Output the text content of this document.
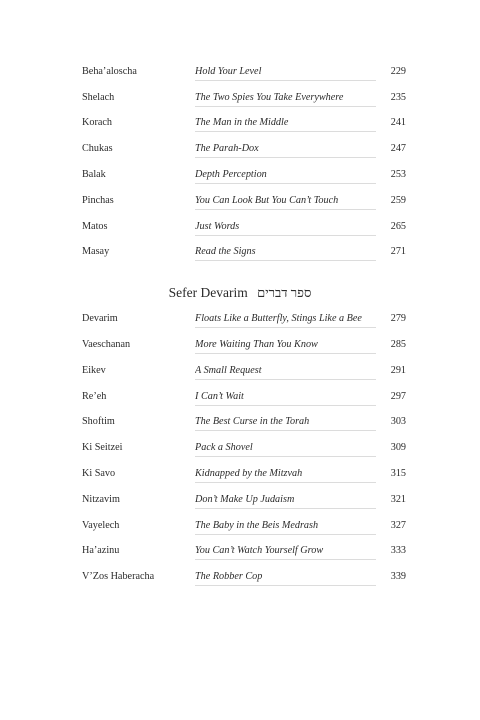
Beha’aloscha	Hold Your Level	229
Shelach	The Two Spies You Take Everywhere	235
Korach	The Man in the Middle	241
Chukas	The Parah-Dox	247
Balak	Depth Perception	253
Pinchas	You Can Look But You Can’t Touch	259
Matos	Just Words	265
Masay	Read the Signs	271
Sefer Devarim ספר דברים
Devarim	Floats Like a Butterfly, Stings Like a Bee	279
Vaeschanan	More Waiting Than You Know	285
Eikev	A Small Request	291
Re’eh	I Can’t Wait	297
Shoftim	The Best Curse in the Torah	303
Ki Seitzei	Pack a Shovel	309
Ki Savo	Kidnapped by the Mitzvah	315
Nitzavim	Don’t Make Up Judaism	321
Vayelech	The Baby in the Beis Medrash	327
Ha’azinu	You Can’t Watch Yourself Grow	333
V’Zos Haberacha	The Robber Cop	339
